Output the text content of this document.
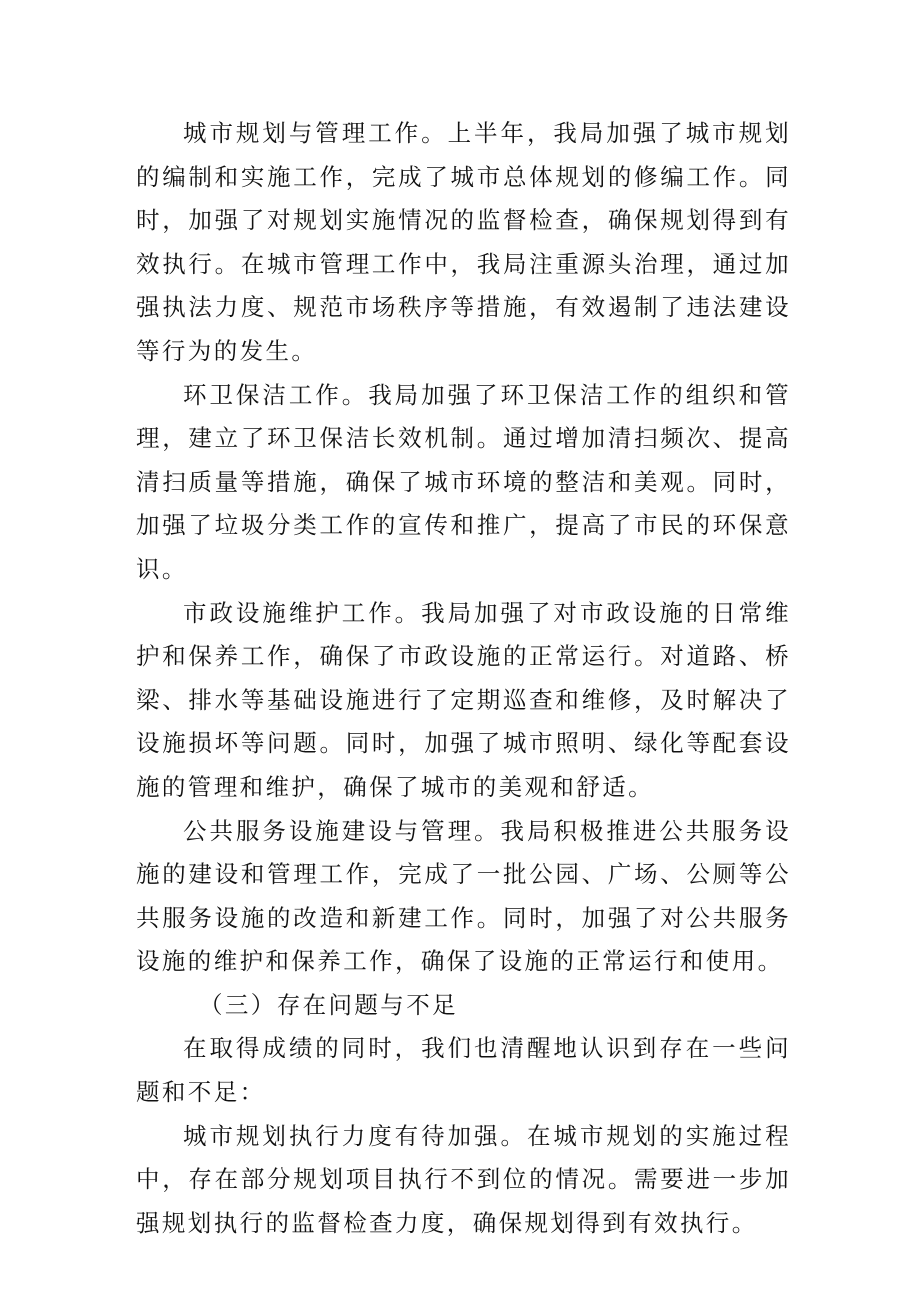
城市规划与管理工作。上半年，我局加强了城市规划的编制和实施工作，完成了城市总体规划的修编工作。同时，加强了对规划实施情况的监督检查，确保规划得到有效执行。在城市管理工作中，我局注重源头治理，通过加强执法力度、规范市场秩序等措施，有效遏制了违法建设等行为的发生。

环卫保洁工作。我局加强了环卫保洁工作的组织和管理，建立了环卫保洁长效机制。通过增加清扫频次、提高清扫质量等措施，确保了城市环境的整洁和美观。同时，加强了垃圾分类工作的宣传和推广，提高了市民的环保意识。

市政设施维护工作。我局加强了对市政设施的日常维护和保养工作，确保了市政设施的正常运行。对道路、桥梁、排水等基础设施进行了定期巡查和维修，及时解决了设施损坏等问题。同时，加强了城市照明、绿化等配套设施的管理和维护，确保了城市的美观和舒适。

公共服务设施建设与管理。我局积极推进公共服务设施的建设和管理工作，完成了一批公园、广场、公厕等公共服务设施的改造和新建工作。同时，加强了对公共服务设施的维护和保养工作，确保了设施的正常运行和使用。

（三）存在问题与不足

在取得成绩的同时，我们也清醒地认识到存在一些问题和不足：

城市规划执行力度有待加强。在城市规划的实施过程中，存在部分规划项目执行不到位的情况。需要进一步加强规划执行的监督检查力度，确保规划得到有效执行。
